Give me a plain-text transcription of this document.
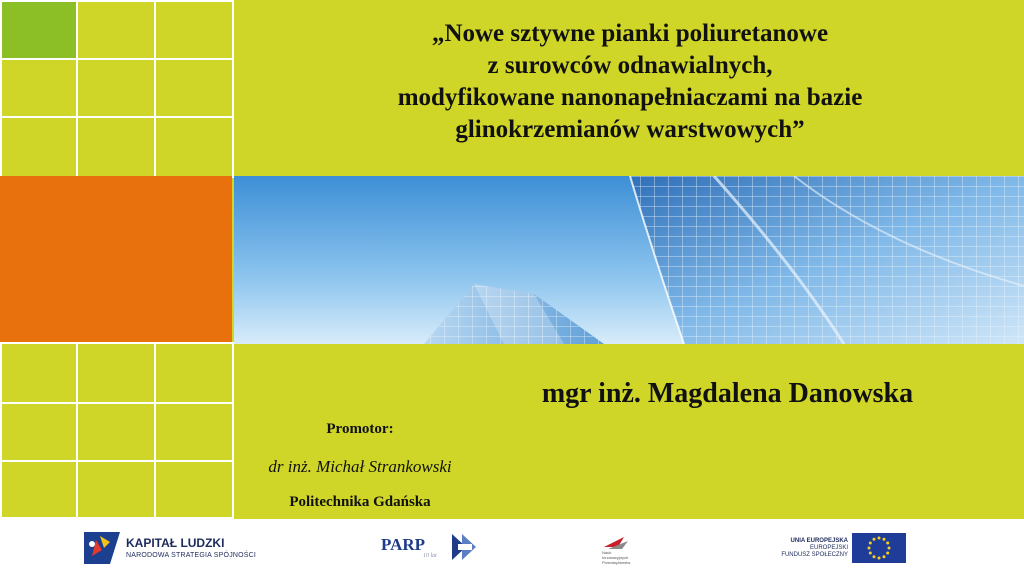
„Nowe sztywne pianki poliuretanowe
z surowców odnawialnych,
modyfikowane nanonapełniaczami na bazie
glinokrzemianów warstwowych”
mgr inż. Magdalena Danowska
Promotor:
dr inż. Michał Strankowski
Politechnika Gdańska
KAPITAŁ LUDZKI
NARODOWA STRATEGIA SPÓJNOŚCI
PARP
10 lat
Nauk
Innowacyjnych
Przedsiębiorstw
UNIA EUROPEJSKA
EUROPEJSKI
FUNDUSZ SPOŁECZNY
